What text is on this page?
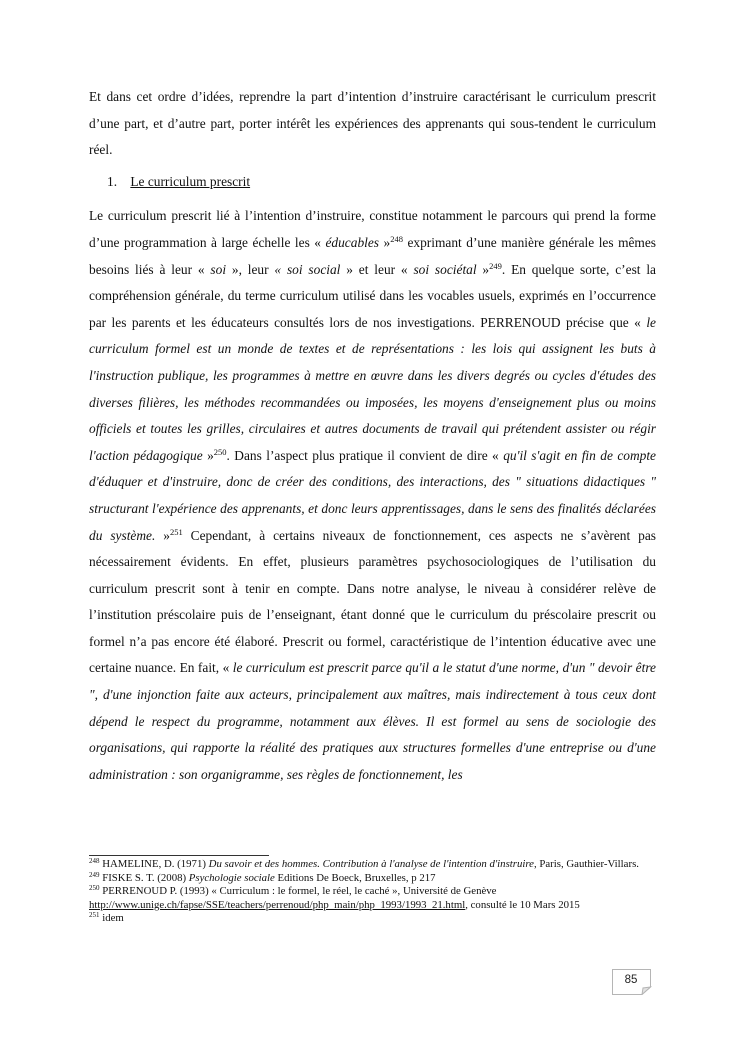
Et dans cet ordre d’idées, reprendre la part d’intention d’instruire caractérisant le curriculum prescrit d’une part, et d’autre part, porter intérêt les expériences des apprenants qui sous-tendent le curriculum réel.

1. Le curriculum prescrit

Le curriculum prescrit lié à l’intention d’instruire, constitue notamment le parcours qui prend la forme d’une programmation à large échelle les « éducables »$^{248}$ exprimant d’une manière générale les mêmes besoins liés à leur « soi », leur « soi social » et leur « soi sociétal »$^{249}$. En quelque sorte, c’est la compréhension générale, du terme curriculum utilisé dans les vocables usuels, exprimés en l’occurrence par les parents et les éducateurs consultés lors de nos investigations. PERRENOUD précise que « le curriculum formel est un monde de textes et de représentations : les lois qui assignent les buts à l'instruction publique, les programmes à mettre en œuvre dans les divers degrés ou cycles d'études des diverses filières, les méthodes recommandées ou imposées, les moyens d'enseignement plus ou moins officiels et toutes les grilles, circulaires et autres documents de travail qui prétendent assister ou régir l'action pédagogique »$^{250}$. Dans l’aspect plus pratique il convient de dire « qu'il s'agit en fin de compte d'éduquer et d'instruire, donc de créer des conditions, des interactions, des " situations didactiques " structurant l'expérience des apprenants, et donc leurs apprentissages, dans le sens des finalités déclarées du système. »$^{251}$ Cependant, à certains niveaux de fonctionnement, ces aspects ne s’avèrent pas nécessairement évidents. En effet, plusieurs paramètres psychosociologiques de l’utilisation du curriculum prescrit sont à tenir en compte. Dans notre analyse, le niveau à considérer relève de l’institution préscolaire puis de l’enseignant, étant donné que le curriculum du préscolaire prescrit ou formel n’a pas encore été élaboré. Prescrit ou formel, caractéristique de l’intention éducative avec une certaine nuance. En fait, « le curriculum est prescrit parce qu'il a le statut d'une norme, d'un " devoir être ", d'une injonction faite aux acteurs, principalement aux maîtres, mais indirectement à tous ceux dont dépend le respect du programme, notamment aux élèves. Il est formel au sens de sociologie des organisations, qui rapporte la réalité des pratiques aux structures formelles d'une entreprise ou d'une administration : son organigramme, ses règles de fonctionnement, les

$^{248}$ HAMELINE, D. (1971) Du savoir et des hommes. Contribution à l'analyse de l'intention d'instruire, Paris, Gauthier-Villars.

$^{249}$ FISKE S. T. (2008) Psychologie sociale Editions De Boeck, Bruxelles, p 217

$^{250}$ PERRENOUD P. (1993) « Curriculum : le formel, le réel, le caché », Université de Genève http://www.unige.ch/fapse/SSE/teachers/perrenoud/php_main/php_1993/1993_21.html, consulté le 10 Mars 2015

$^{251}$ idem

85
